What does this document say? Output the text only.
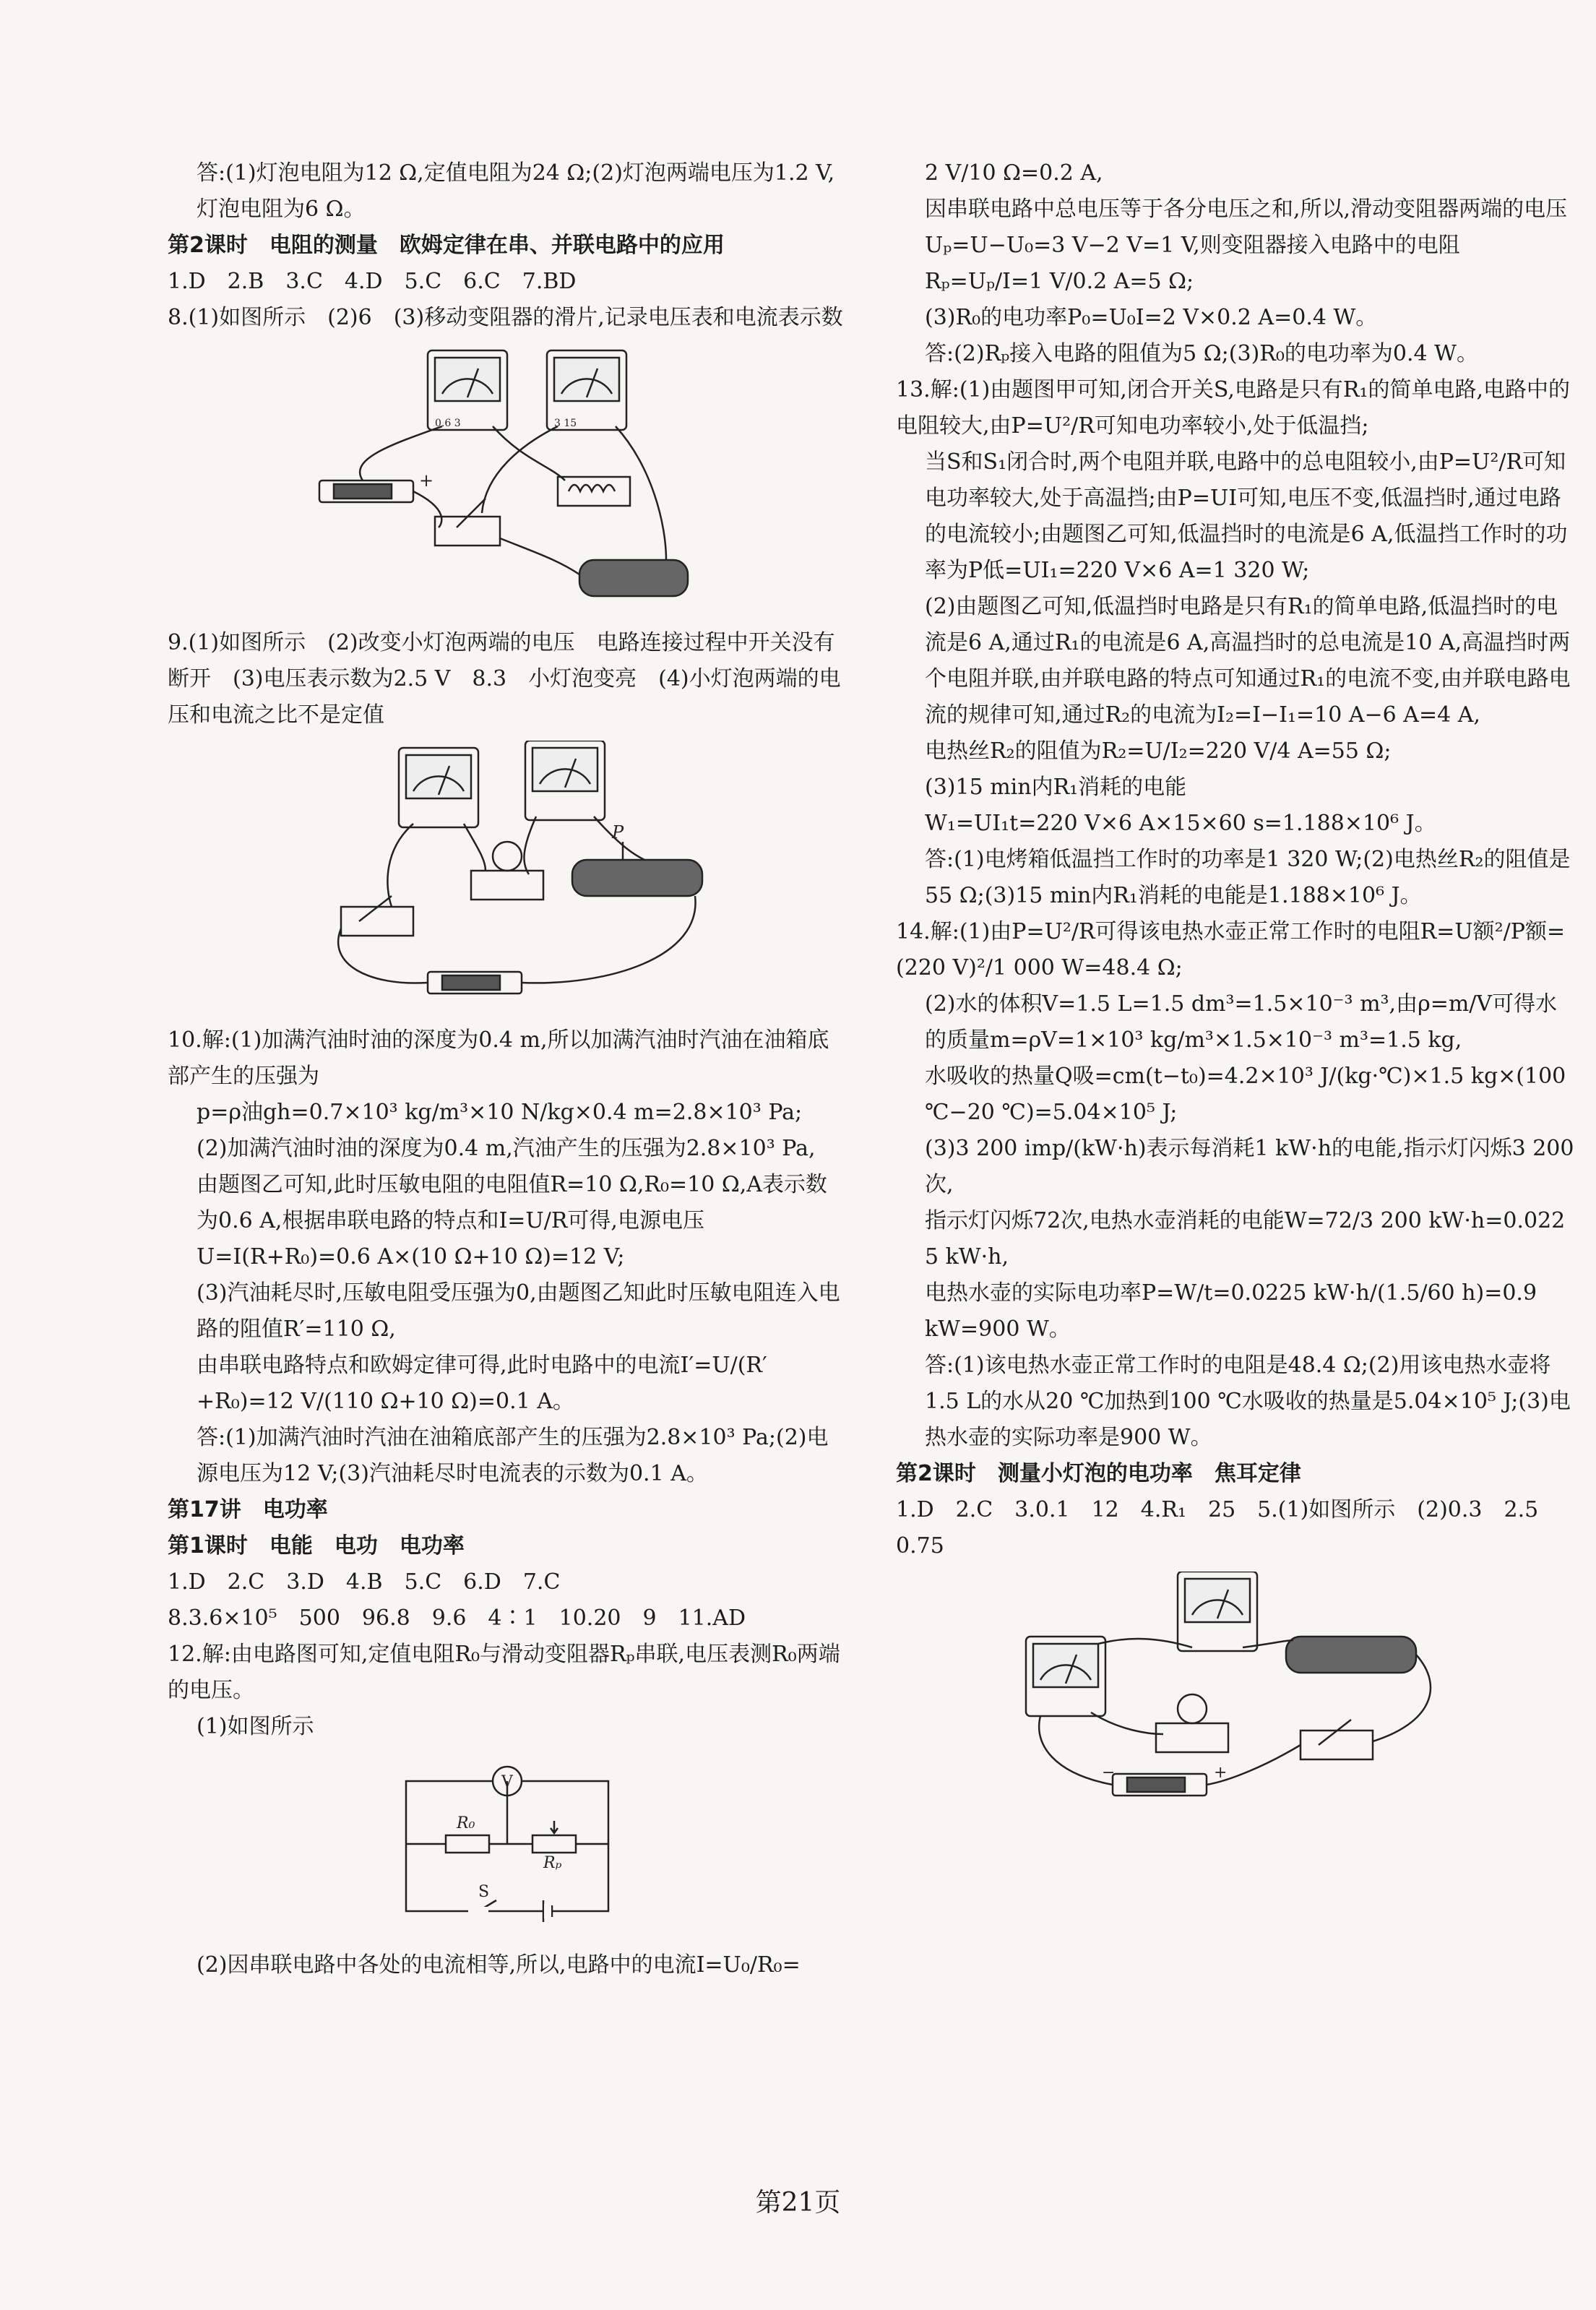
答:(1)灯泡电阻为12 Ω,定值电阻为24 Ω;(2)灯泡两端电压为1.2 V,灯泡电阻为6 Ω。

第2课时　电阻的测量　欧姆定律在串、并联电路中的应用

1.D　2.B　3.C　4.D　5.C　6.C　7.BD

8.(1)如图所示　(2)6　(3)移动变阻器的滑片,记录电压表和电流表示数

+
0.6 3	3 15

9.(1)如图所示　(2)改变小灯泡两端的电压　电路连接过程中开关没有断开　(3)电压表示数为2.5 V　8.3　小灯泡变亮　(4)小灯泡两端的电压和电流之比不是定值

P

10.解:(1)加满汽油时油的深度为0.4 m,所以加满汽油时汽油在油箱底部产生的压强为

p=ρ油gh=0.7×10³ kg/m³×10 N/kg×0.4 m=2.8×10³ Pa;

(2)加满汽油时油的深度为0.4 m,汽油产生的压强为2.8×10³ Pa,

由题图乙可知,此时压敏电阻的电阻值R=10 Ω,R₀=10 Ω,A表示数为0.6 A,根据串联电路的特点和I=U/R可得,电源电压U=I(R+R₀)=0.6 A×(10 Ω+10 Ω)=12 V;

(3)汽油耗尽时,压敏电阻受压强为0,由题图乙知此时压敏电阻连入电路的阻值R′=110 Ω,

由串联电路特点和欧姆定律可得,此时电路中的电流I′=U/(R′+R₀)=12 V/(110 Ω+10 Ω)=0.1 A。

答:(1)加满汽油时汽油在油箱底部产生的压强为2.8×10³ Pa;(2)电源电压为12 V;(3)汽油耗尽时电流表的示数为0.1 A。

第17讲　电功率

第1课时　电能　电功　电功率

1.D　2.C　3.D　4.B　5.C　6.D　7.C

8.3.6×10⁵　500　96.8　9.6　4∶1　10.20　9　11.AD

12.解:由电路图可知,定值电阻R₀与滑动变阻器Rₚ串联,电压表测R₀两端的电压。

(1)如图所示

V
R₀
Rₚ
S

(2)因串联电路中各处的电流相等,所以,电路中的电流I=U₀/R₀=

2 V/10 Ω=0.2 A,

因串联电路中总电压等于各分电压之和,所以,滑动变阻器两端的电压Uₚ=U−U₀=3 V−2 V=1 V,则变阻器接入电路中的电阻Rₚ=Uₚ/I=1 V/0.2 A=5 Ω;

(3)R₀的电功率P₀=U₀I=2 V×0.2 A=0.4 W。

答:(2)Rₚ接入电路的阻值为5 Ω;(3)R₀的电功率为0.4 W。

13.解:(1)由题图甲可知,闭合开关S,电路是只有R₁的简单电路,电路中的电阻较大,由P=U²/R可知电功率较小,处于低温挡;

当S和S₁闭合时,两个电阻并联,电路中的总电阻较小,由P=U²/R可知电功率较大,处于高温挡;由P=UI可知,电压不变,低温挡时,通过电路的电流较小;由题图乙可知,低温挡时的电流是6 A,低温挡工作时的功率为P低=UI₁=220 V×6 A=1 320 W;

(2)由题图乙可知,低温挡时电路是只有R₁的简单电路,低温挡时的电流是6 A,通过R₁的电流是6 A,高温挡时的总电流是10 A,高温挡时两个电阻并联,由并联电路的特点可知通过R₁的电流不变,由并联电路电流的规律可知,通过R₂的电流为I₂=I−I₁=10 A−6 A=4 A,

电热丝R₂的阻值为R₂=U/I₂=220 V/4 A=55 Ω;

(3)15 min内R₁消耗的电能

W₁=UI₁t=220 V×6 A×15×60 s=1.188×10⁶ J。

答:(1)电烤箱低温挡工作时的功率是1 320 W;(2)电热丝R₂的阻值是55 Ω;(3)15 min内R₁消耗的电能是1.188×10⁶ J。

14.解:(1)由P=U²/R可得该电热水壶正常工作时的电阻R=U额²/P额=(220 V)²/1 000 W=48.4 Ω;

(2)水的体积V=1.5 L=1.5 dm³=1.5×10⁻³ m³,由ρ=m/V可得水的质量m=ρV=1×10³ kg/m³×1.5×10⁻³ m³=1.5 kg,

水吸收的热量Q吸=cm(t−t₀)=4.2×10³ J/(kg·℃)×1.5 kg×(100 ℃−20 ℃)=5.04×10⁵ J;

(3)3 200 imp/(kW·h)表示每消耗1 kW·h的电能,指示灯闪烁3 200次,

指示灯闪烁72次,电热水壶消耗的电能W=72/3 200 kW·h=0.022 5 kW·h,

电热水壶的实际电功率P=W/t=0.0225 kW·h/(1.5/60 h)=0.9 kW=900 W。

答:(1)该电热水壶正常工作时的电阻是48.4 Ω;(2)用该电热水壶将1.5 L的水从20 ℃加热到100 ℃水吸收的热量是5.04×10⁵ J;(3)电热水壶的实际功率是900 W。

第2课时　测量小灯泡的电功率　焦耳定律

1.D　2.C　3.0.1　12　4.R₁　25　5.(1)如图所示　(2)0.3　2.5　0.75

+
−
第21页
